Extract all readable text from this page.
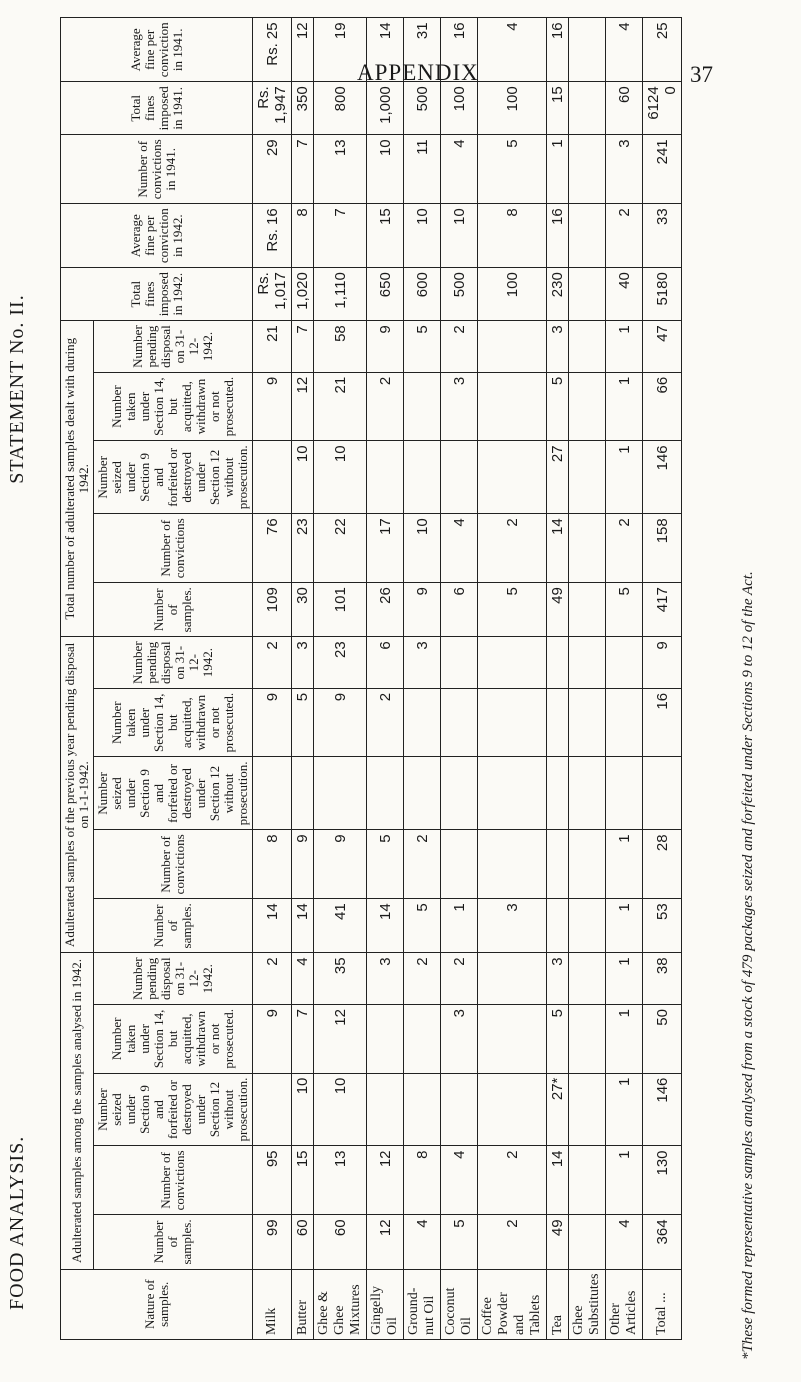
APPENDIX	37
FOOD ANALYSIS.  STATEMENT No. II.
Nature of samples.	Adulterated samples among the samples analysed in 1942.					Adulterated samples of the previous year pending disposal on 1-1-1942.					Total number of adulterated samples dealt with during 1942.					Total fines imposed in 1942.	Average fine per conviction in 1942.	Number of convictions in 1941.	Total fines imposed in 1941.	Average fine per conviction in 1941.
	Number of samples.	Number of convictions	Number seized under Section 9 and forfeited or destroyed under Section 12 without prosecution.	Number taken under Section 14, but acquitted, withdrawn or not prosecuted.	Number pending disposal on 31-12-1942.	Number of samples.	Number of convictions	Number seized under Section 9 and forfeited or destroyed under Section 12 without prosecution.	Number taken under Section 14, but acquitted, withdrawn or not prosecuted.	Number pending disposal on 31-12-1942.	Number of samples.	Number of convictions	Number seized under Section 9 and forfeited or destroyed under Section 12 without prosecution.	Number taken under Section 14, but acquitted, withdrawn or not prosecuted.	Number pending disposal on 31-12-1942.					
Milk	99	95		9	2	14	8		9	2	109	76		9	21	Rs. 1,017	Rs. 16	29	Rs. 1,947	Rs. 25
Butter	60	15	10	7	4	14	9		5	3	30	23	10	12	7	1,020	8	7	350	12
Ghee & Ghee Mixtures	60	13	10	12	35	41	9		9	23	101	22	10	21	58	1,110	7	13	800	19
Gingelly Oil	12	12			3	14	5		2	6	26	17		2	9	650	15	10	1,000	14
Ground-nut Oil	4	8			2	5	2			3	9	10			5	600	10	11	500	31
Coconut Oil	5	4		3	2	1					6	4		3	2	500	10	4	100	16
Coffee Powder and Tablets	2	2				3					5	2				100	8	5	100	4
Tea	49	14	27*	5	3						49	14	27	5	3	230	16	1	15	16
Ghee Substitutes																				
Other Articles	4	1	1	1	1	1	1				5	2	1	1	1	40	2	3	60	4
Total ...	364	130	146	50	38	53	28		16	9	417	158	146	66	47	5180	33	241	6124 0	25
*These formed representative samples analysed from a stock of 479 packages seized and forfeited under Sections 9 to 12 of the Act.
